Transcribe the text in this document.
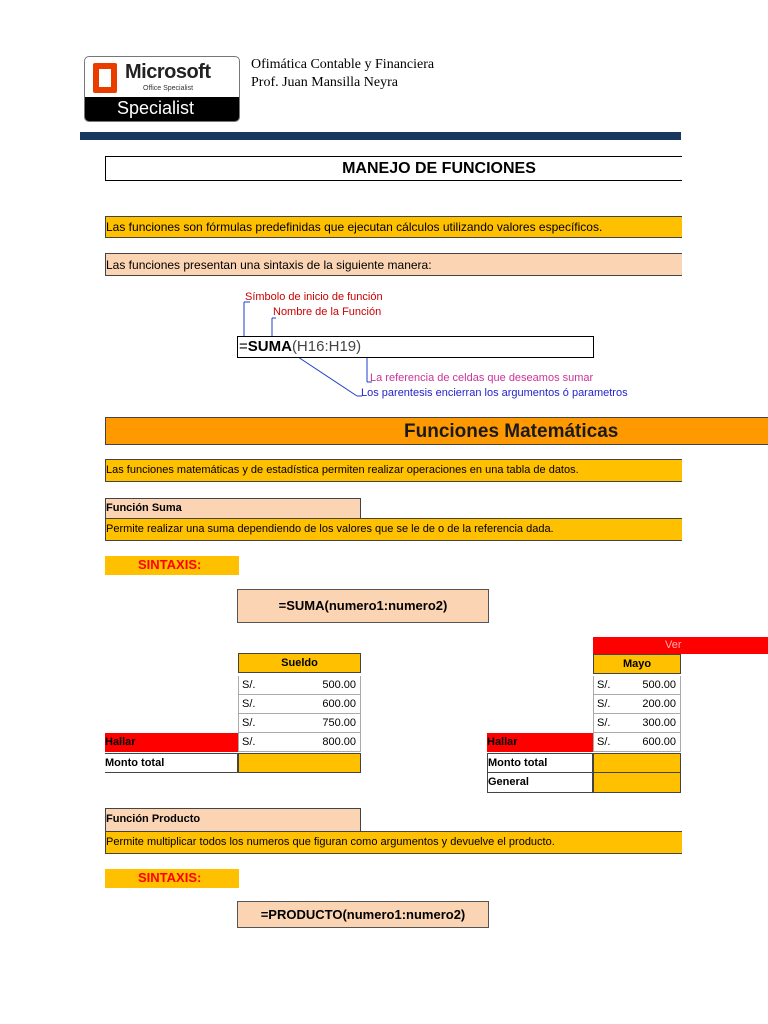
Microsoft
Office Specialist
Specialist
Ofimática Contable y Financiera
Prof. Juan Mansilla Neyra
MANEJO DE FUNCIONES
Las funciones son fórmulas predefinidas que ejecutan cálculos utilizando valores específicos.
Las funciones presentan una sintaxis de la siguiente manera:
Símbolo de inicio de función
Nombre de la Función
=SUMA(H16:H19)
La referencia de celdas que deseamos sumar
Los parentesis encierran los argumentos ó parametros
Funciones Matemáticas
Las funciones matemáticas y de estadística permiten realizar operaciones en una tabla de datos.
Función Suma
Permite realizar una suma dependiendo de los valores que se le de o de la referencia dada.
SINTAXIS:
=SUMA(numero1:numero2)
Sueldo
S/.	500.00
S/.	600.00
S/.	750.00
S/.	800.00
Hallar
Monto total
Ver
Mayo
S/.	500.00
S/.	200.00
S/.	300.00
S/.	600.00
Hallar
Monto total
General
Función Producto
Permite multiplicar todos los numeros que figuran como argumentos y devuelve el producto.
SINTAXIS:
=PRODUCTO(numero1:numero2)
